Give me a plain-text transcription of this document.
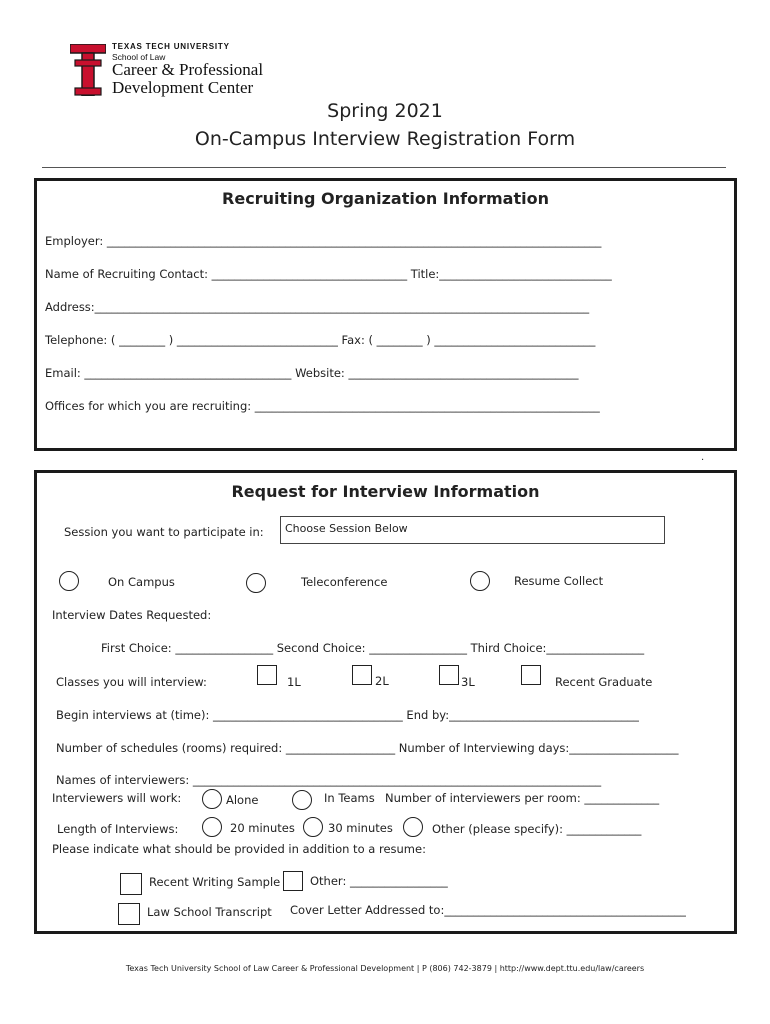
TEXAS TECH UNIVERSITY
School of Law
Career & Professional
Development Center
Spring 2021
On-Campus Interview Registration Form
Recruiting Organization Information
Employer: ______________________________________________________________________________________
Name of Recruiting Contact: __________________________________ Title:______________________________
Address:______________________________________________________________________________________
Telephone: ( ________ ) ____________________________ Fax: ( ________ ) ____________________________
Email: ____________________________________ Website: ________________________________________
Offices for which you are recruiting: ____________________________________________________________
.
Request for Interview Information
Session you want to participate in:	Choose Session Below
On Campus	Teleconference	Resume Collect
Interview Dates Requested:
First Choice: _________________ Second Choice: _________________ Third Choice:_________________
Classes you will interview:	1L	2L	3L	Recent Graduate
Begin interviews at (time): _________________________________ End by:_________________________________
Number of schedules (rooms) required: ___________________ Number of Interviewing days:___________________
Names of interviewers: _______________________________________________________________________
Interviewers will work:	Alone	In Teams Number of interviewers per room: _____________
Length of Interviews:	20 minutes	30 minutes	Other (please specify): _____________
Please indicate what should be provided in addition to a resume:
Recent Writing Sample	Other: _________________
Law School Transcript Cover Letter Addressed to:__________________________________________
Texas Tech University School of Law Career & Professional Development | P (806) 742-3879 | http://www.dept.ttu.edu/law/careers
